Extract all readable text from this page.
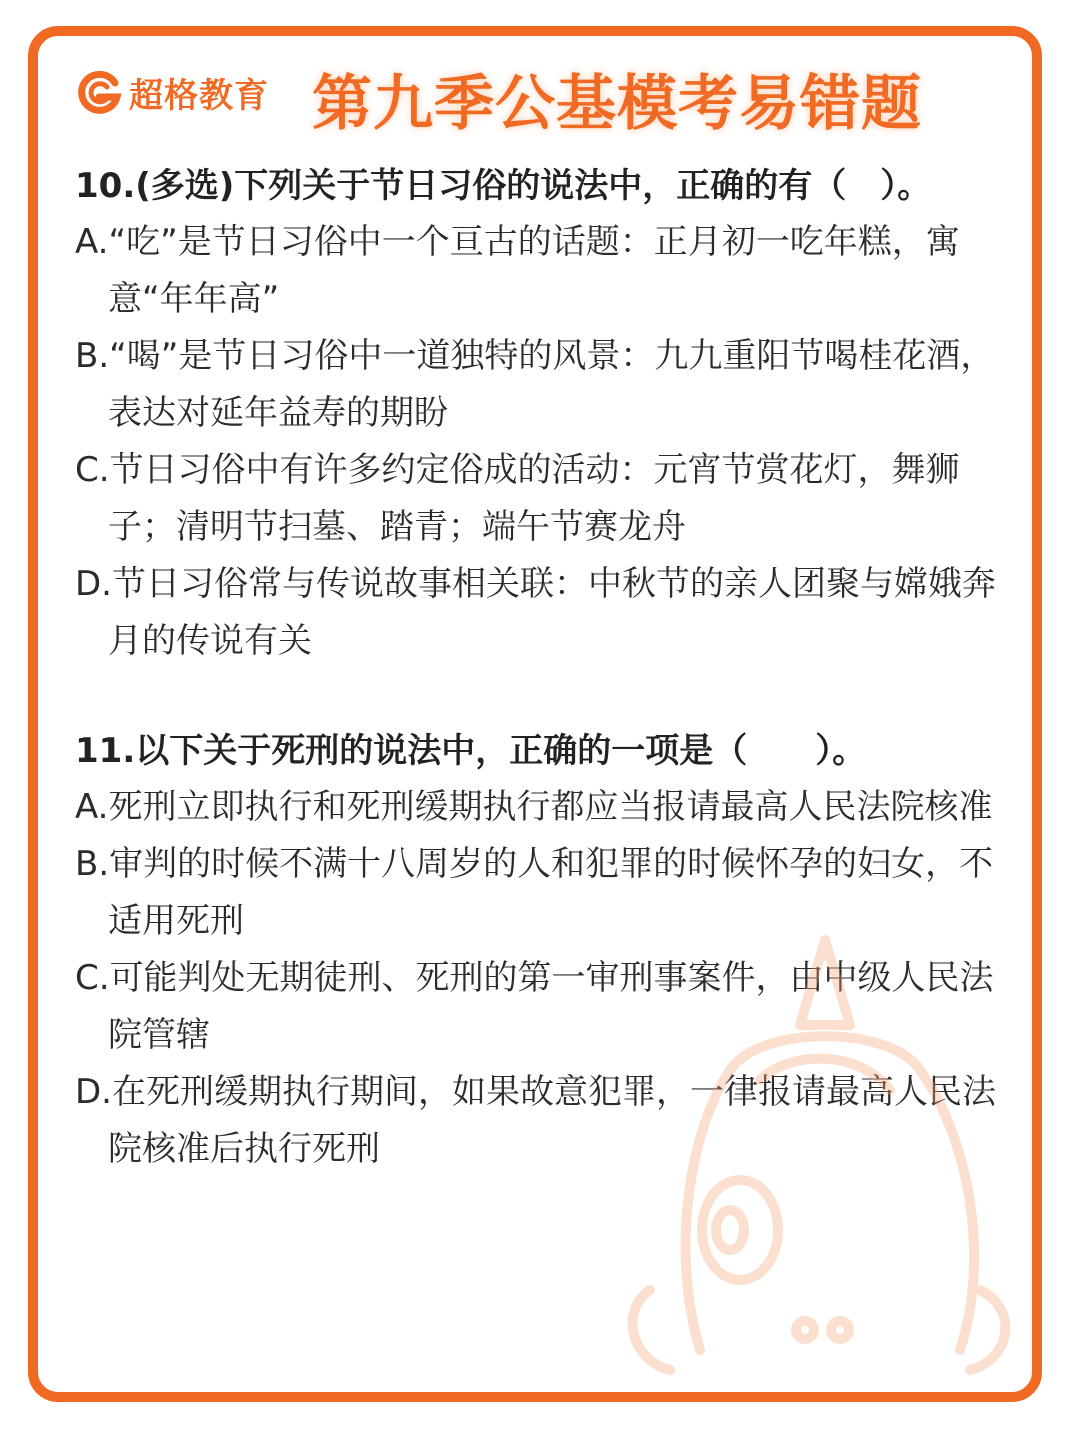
超格教育 第九季公基模考易错题
10.(多选)下列关于节日习俗的说法中，正确的有（　）。
A.“吃”是节日习俗中一个亘古的话题：正月初一吃年糕，寓意“年年高”
B.“喝”是节日习俗中一道独特的风景：九九重阳节喝桂花酒，表达对延年益寿的期盼
C.节日习俗中有许多约定俗成的活动：元宵节赏花灯，舞狮子；清明节扫墓、踏青；端午节赛龙舟
D.节日习俗常与传说故事相关联：中秋节的亲人团聚与嫦娥奔月的传说有关
11.以下关于死刑的说法中，正确的一项是（　　）。
A.死刑立即执行和死刑缓期执行都应当报请最高人民法院核准
B.审判的时候不满十八周岁的人和犯罪的时候怀孕的妇女，不适用死刑
C.可能判处无期徒刑、死刑的第一审刑事案件，由中级人民法院管辖
D.在死刑缓期执行期间，如果故意犯罪，一律报请最高人民法院核准后执行死刑
